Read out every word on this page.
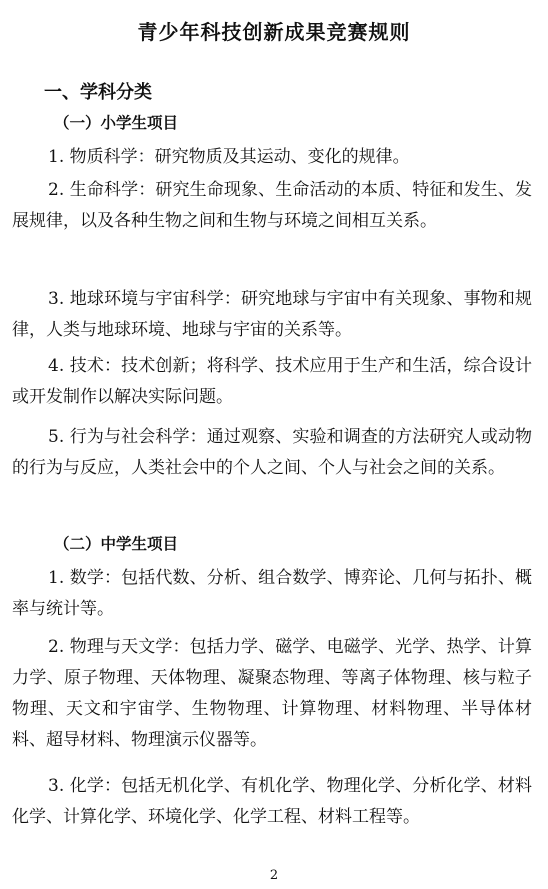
青少年科技创新成果竞赛规则
一、学科分类
（一）小学生项目

1. 物质科学：研究物质及其运动、变化的规律。

2. 生命科学：研究生命现象、生命活动的本质、特征和发生、发展规律，以及各种生物之间和生物与环境之间相互关系。

3. 地球环境与宇宙科学：研究地球与宇宙中有关现象、事物和规律，人类与地球环境、地球与宇宙的关系等。

4. 技术：技术创新；将科学、技术应用于生产和生活，综合设计或开发制作以解决实际问题。

5. 行为与社会科学：通过观察、实验和调查的方法研究人或动物的行为与反应，人类社会中的个人之间、个人与社会之间的关系。

（二）中学生项目

1. 数学：包括代数、分析、组合数学、博弈论、几何与拓扑、概率与统计等。

2. 物理与天文学：包括力学、磁学、电磁学、光学、热学、计算力学、原子物理、天体物理、凝聚态物理、等离子体物理、核与粒子物理、天文和宇宙学、生物物理、计算物理、材料物理、半导体材料、超导材料、物理演示仪器等。

3. 化学：包括无机化学、有机化学、物理化学、分析化学、材料化学、计算化学、环境化学、化学工程、材料工程等。

2
